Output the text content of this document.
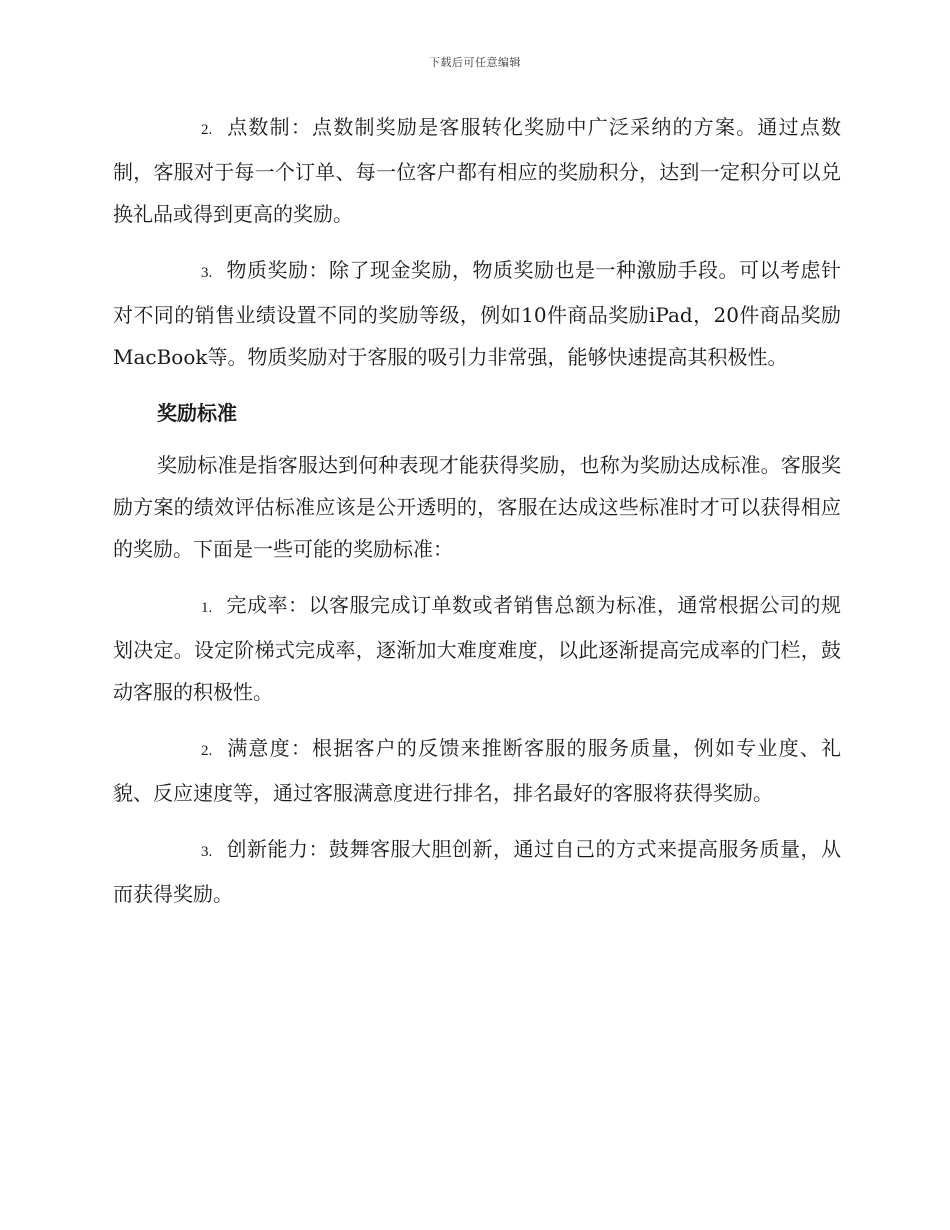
下载后可任意编辑

2. 点数制：点数制奖励是客服转化奖励中广泛采纳的方案。通过点数制，客服对于每一个订单、每一位客户都有相应的奖励积分，达到一定积分可以兑换礼品或得到更高的奖励。

3. 物质奖励：除了现金奖励，物质奖励也是一种激励手段。可以考虑针对不同的销售业绩设置不同的奖励等级，例如10件商品奖励iPad，20件商品奖励MacBook等。物质奖励对于客服的吸引力非常强，能够快速提高其积极性。

奖励标准

奖励标准是指客服达到何种表现才能获得奖励，也称为奖励达成标准。客服奖励方案的绩效评估标准应该是公开透明的，客服在达成这些标准时才可以获得相应的奖励。下面是一些可能的奖励标准：

1. 完成率：以客服完成订单数或者销售总额为标准，通常根据公司的规划决定。设定阶梯式完成率，逐渐加大难度难度，以此逐渐提高完成率的门栏，鼓动客服的积极性。

2. 满意度：根据客户的反馈来推断客服的服务质量，例如专业度、礼貌、反应速度等，通过客服满意度进行排名，排名最好的客服将获得奖励。

3. 创新能力：鼓舞客服大胆创新，通过自己的方式来提高服务质量，从而获得奖励。
